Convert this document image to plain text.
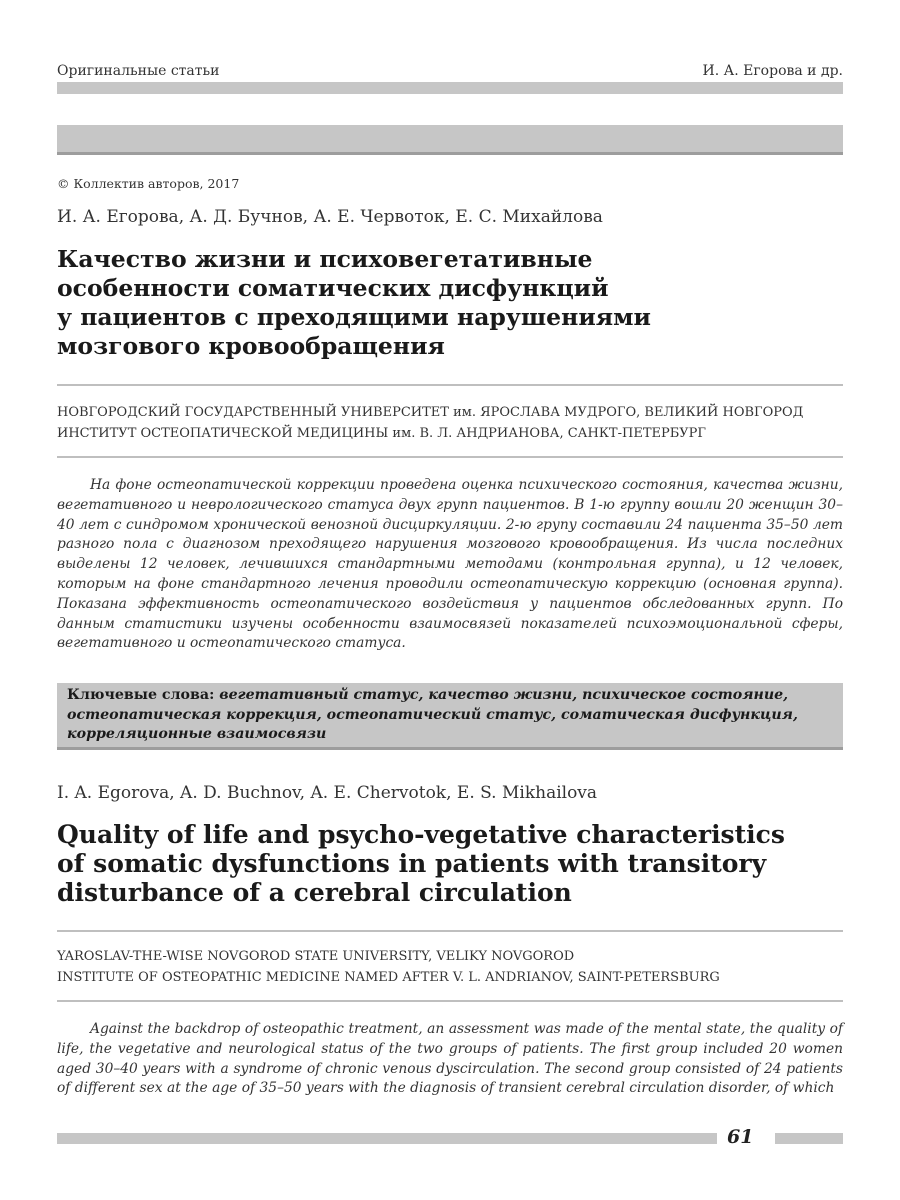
Оригинальные статьи	И. А. Егорова и др.
© Коллектив авторов, 2017
И. А. Егорова, А. Д. Бучнов, А. Е. Червоток, Е. С. Михайлова
Качество жизни и психовегетативные
особенности соматических дисфункций
у пациентов с преходящими нарушениями
мозгового кровообращения
НОВГОРОДСКИЙ ГОСУДАРСТВЕННЫЙ УНИВЕРСИТЕТ им. ЯРОСЛАВА МУДРОГО, ВЕЛИКИЙ НОВГОРОД
ИНСТИТУТ ОСТЕОПАТИЧЕСКОЙ МЕДИЦИНЫ им. В. Л. АНДРИАНОВА, САНКТ-ПЕТЕРБУРГ

На фоне остеопатической коррекции проведена оценка психического состояния, качества жизни, вегетативного и неврологического статуса двух групп пациентов. В 1-ю группу вошли 20 женщин 30–40 лет с синдромом хронической венозной дисциркуляции. 2-ю групу составили 24 пациента 35–50 лет разного пола с диагнозом преходящего нарушения мозгового кровообращения. Из числа последних выделены 12 человек, лечившихся стандартными методами (контрольная группа), и 12 человек, которым на фоне стандартного лечения проводили остеопатическую коррекцию (основная группа). Показана эффективность остеопатического воздействия у пациентов обследованных групп. По данным статистики изучены особенности взаимосвязей показателей психоэмоциональной сферы, вегетативного и остеопатического статуса.

Ключевые слова: вегетативный статус, качество жизни, психическое состояние, остеопатическая коррекция, остеопатический статус, соматическая дисфункция, корреляционные взаимосвязи
I. A. Egorova, A. D. Buchnov, A. E. Chervotok, E. S. Mikhailova
Quality of life and psycho-vegetative characteristics
of somatic dysfunctions in patients with transitory
disturbance of a cerebral circulation
YAROSLAV-THE-WISE NOVGOROD STATE UNIVERSITY, VELIKY NOVGOROD
INSTITUTE OF OSTEOPATHIC MEDICINE NAMED AFTER V. L. ANDRIANOV, SAINT-PETERSBURG

Against the backdrop of osteopathic treatment, an assessment was made of the mental state, the quality of life, the vegetative and neurological status of the two groups of patients. The first group included 20 women aged 30–40 years with a syndrome of chronic venous dyscirculation. The second group consisted of 24 patients of different sex at the age of 35–50 years with the diagnosis of transient cerebral circulation disorder, of which

61
